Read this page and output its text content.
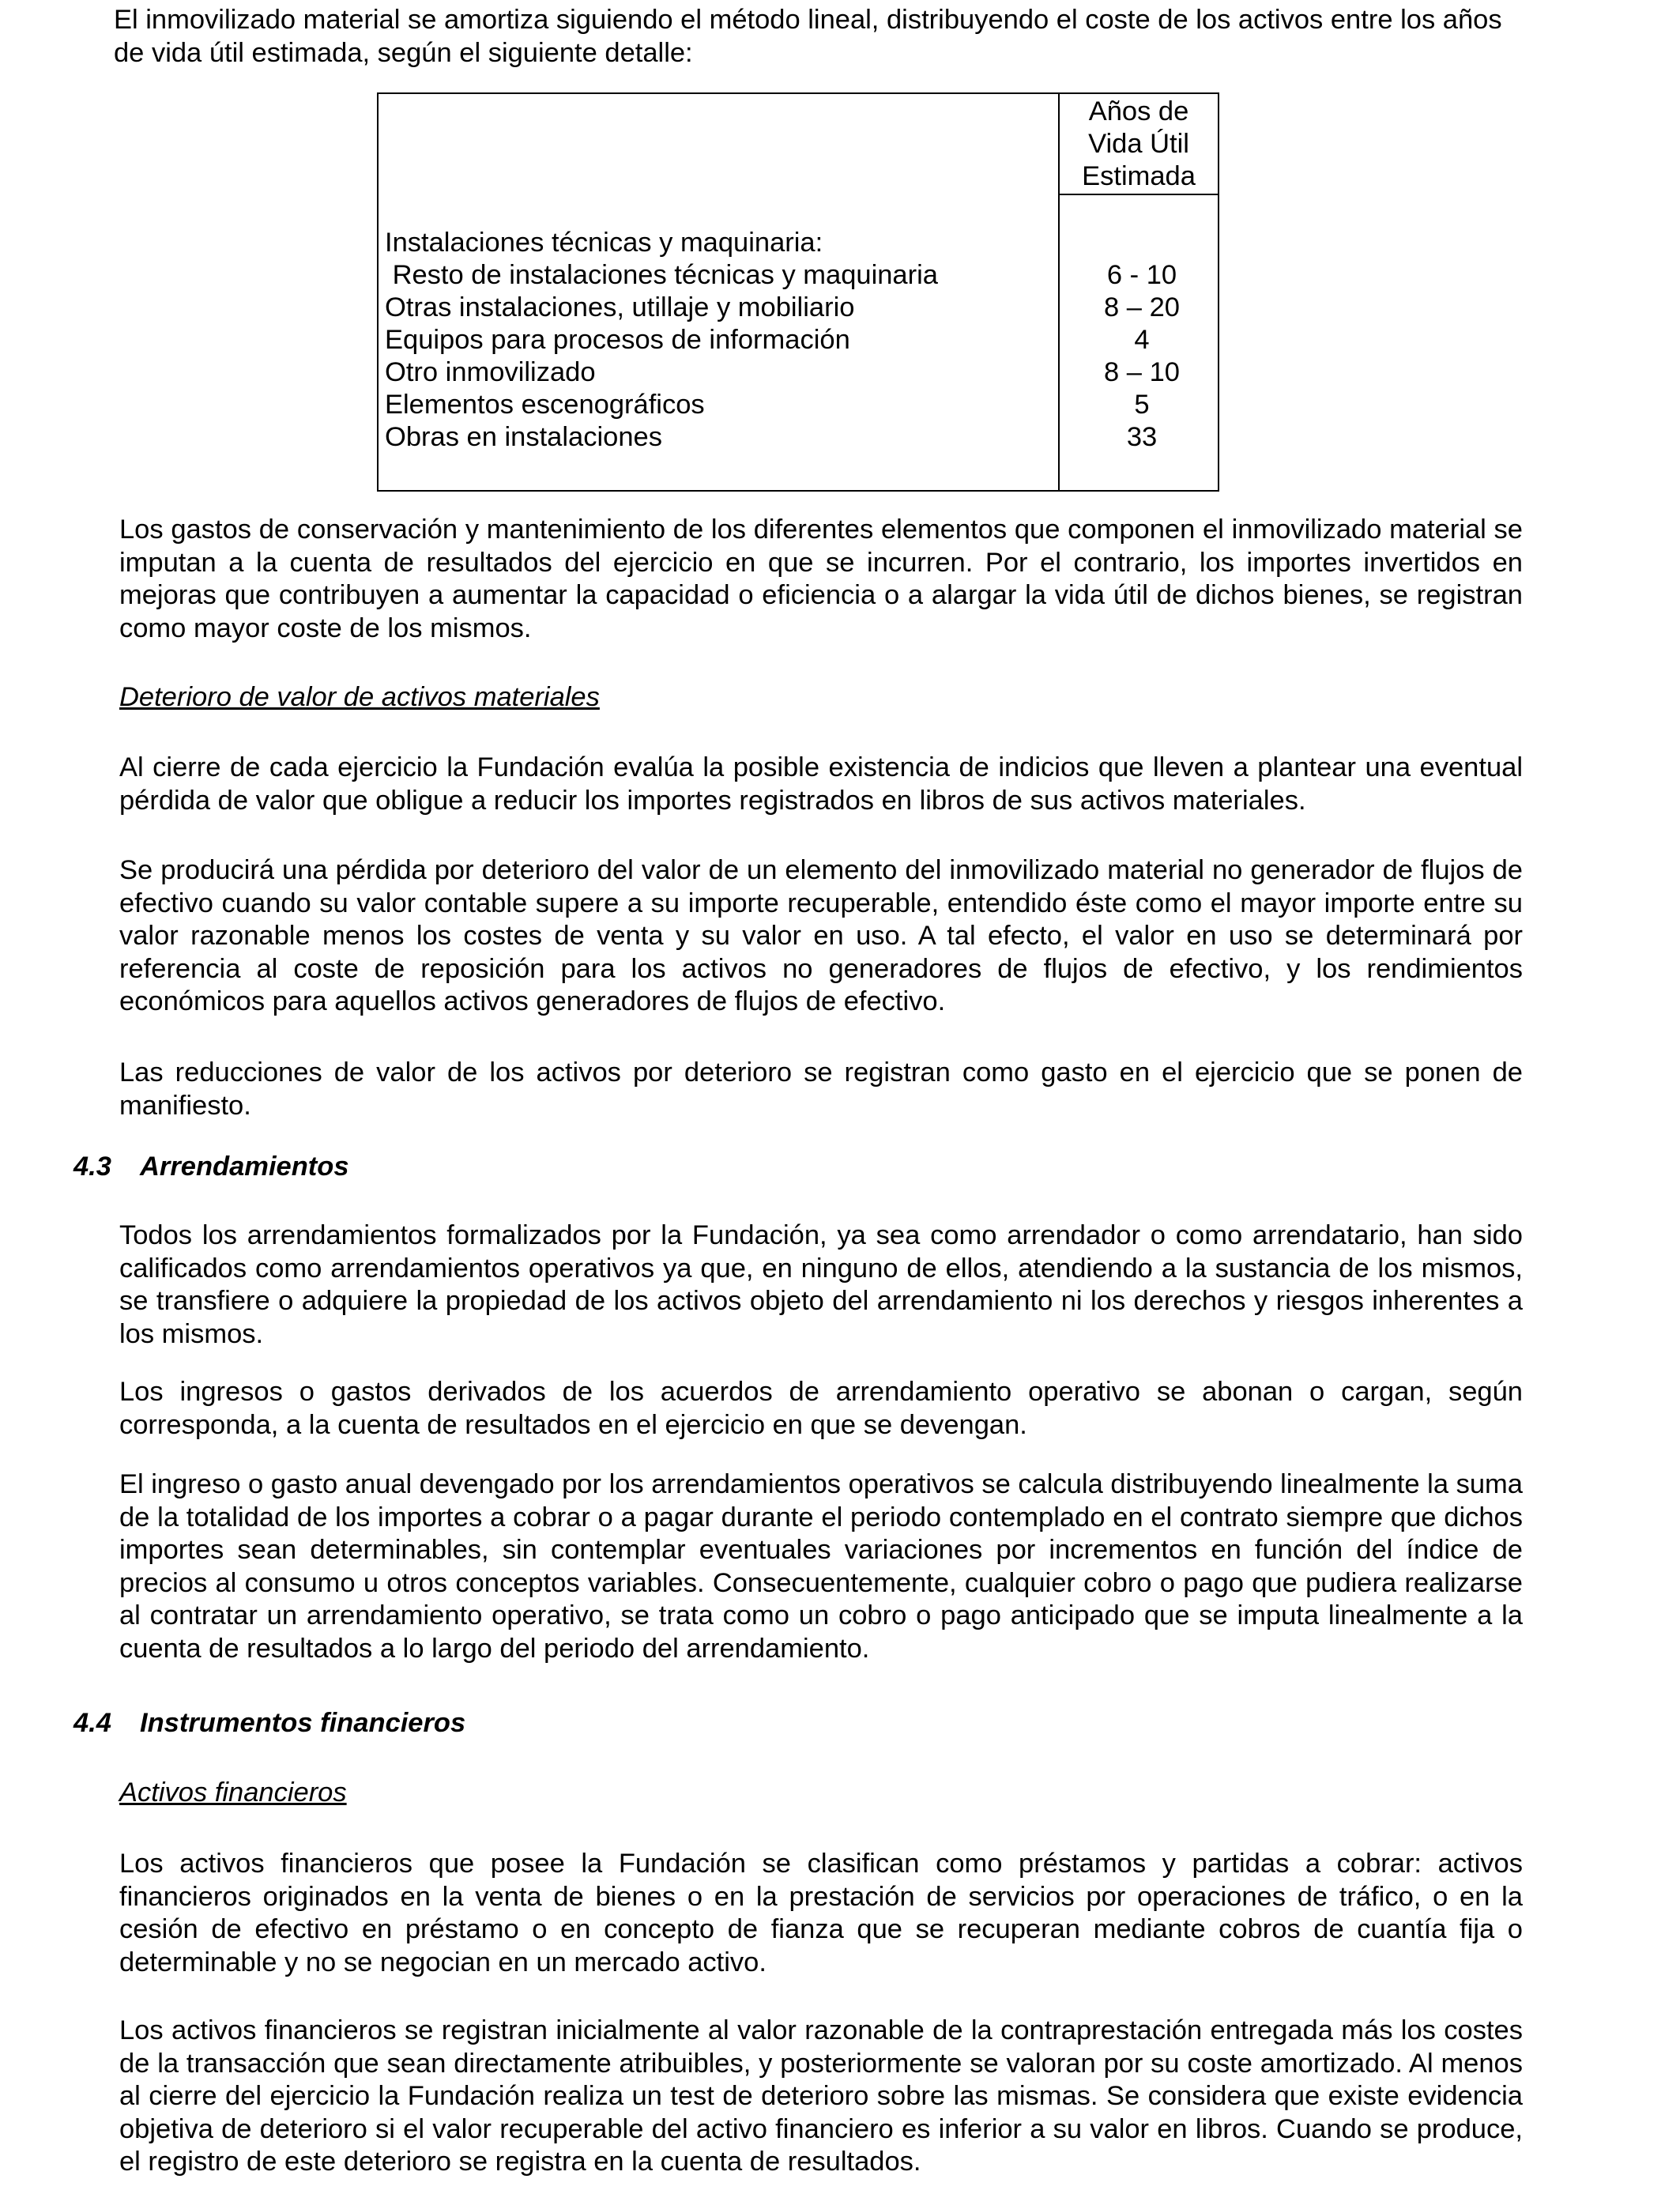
El inmovilizado material se amortiza siguiendo el método lineal, distribuyendo el coste de los activos entre los años de vida útil estimada, según el siguiente detalle:

Años de
Vida Útil
Estimada
Instalaciones técnicas y maquinaria:
Resto de instalaciones técnicas y maquinaria	6 - 10
Otras instalaciones, utillaje y mobiliario	8 – 20
Equipos para procesos de información	4
Otro inmovilizado	8 – 10
Elementos escenográficos	5
Obras en instalaciones	33

Los gastos de conservación y mantenimiento de los diferentes elementos que componen el inmovilizado material se imputan a la cuenta de resultados del ejercicio en que se incurren. Por el contrario, los importes invertidos en mejoras que contribuyen a aumentar la capacidad o eficiencia o a alargar la vida útil de dichos bienes, se registran como mayor coste de los mismos.

Deterioro de valor de activos materiales

Al cierre de cada ejercicio la Fundación evalúa la posible existencia de indicios que lleven a plantear una eventual pérdida de valor que obligue a reducir los importes registrados en libros de sus activos materiales.

Se producirá una pérdida por deterioro del valor de un elemento del inmovilizado material no generador de flujos de efectivo cuando su valor contable supere a su importe recuperable, entendido éste como el mayor importe entre su valor razonable menos los costes de venta y su valor en uso. A tal efecto, el valor en uso se determinará por referencia al coste de reposición para los activos no generadores de flujos de efectivo, y los rendimientos económicos para aquellos activos generadores de flujos de efectivo.

Las reducciones de valor de los activos por deterioro se registran como gasto en el ejercicio que se ponen de manifiesto.

4.3 Arrendamientos

Todos los arrendamientos formalizados por la Fundación, ya sea como arrendador o como arrendatario, han sido calificados como arrendamientos operativos ya que, en ninguno de ellos, atendiendo a la sustancia de los mismos, se transfiere o adquiere la propiedad de los activos objeto del arrendamiento ni los derechos y riesgos inherentes a los mismos.

Los ingresos o gastos derivados de los acuerdos de arrendamiento operativo se abonan o cargan, según corresponda, a la cuenta de resultados en el ejercicio en que se devengan.

El ingreso o gasto anual devengado por los arrendamientos operativos se calcula distribuyendo linealmente la suma de la totalidad de los importes a cobrar o a pagar durante el periodo contemplado en el contrato siempre que dichos importes sean determinables, sin contemplar eventuales variaciones por incrementos en función del índice de precios al consumo u otros conceptos variables. Consecuentemente, cualquier cobro o pago que pudiera realizarse al contratar un arrendamiento operativo, se trata como un cobro o pago anticipado que se imputa linealmente a la cuenta de resultados a lo largo del periodo del arrendamiento.

4.4 Instrumentos financieros

Activos financieros

Los activos financieros que posee la Fundación se clasifican como préstamos y partidas a cobrar: activos financieros originados en la venta de bienes o en la prestación de servicios por operaciones de tráfico, o en la cesión de efectivo en préstamo o en concepto de fianza que se recuperan mediante cobros de cuantía fija o determinable y no se negocian en un mercado activo.

Los activos financieros se registran inicialmente al valor razonable de la contraprestación entregada más los costes de la transacción que sean directamente atribuibles, y posteriormente se valoran por su coste amortizado. Al menos al cierre del ejercicio la Fundación realiza un test de deterioro sobre las mismas. Se considera que existe evidencia objetiva de deterioro si el valor recuperable del activo financiero es inferior a su valor en libros. Cuando se produce, el registro de este deterioro se registra en la cuenta de resultados.
